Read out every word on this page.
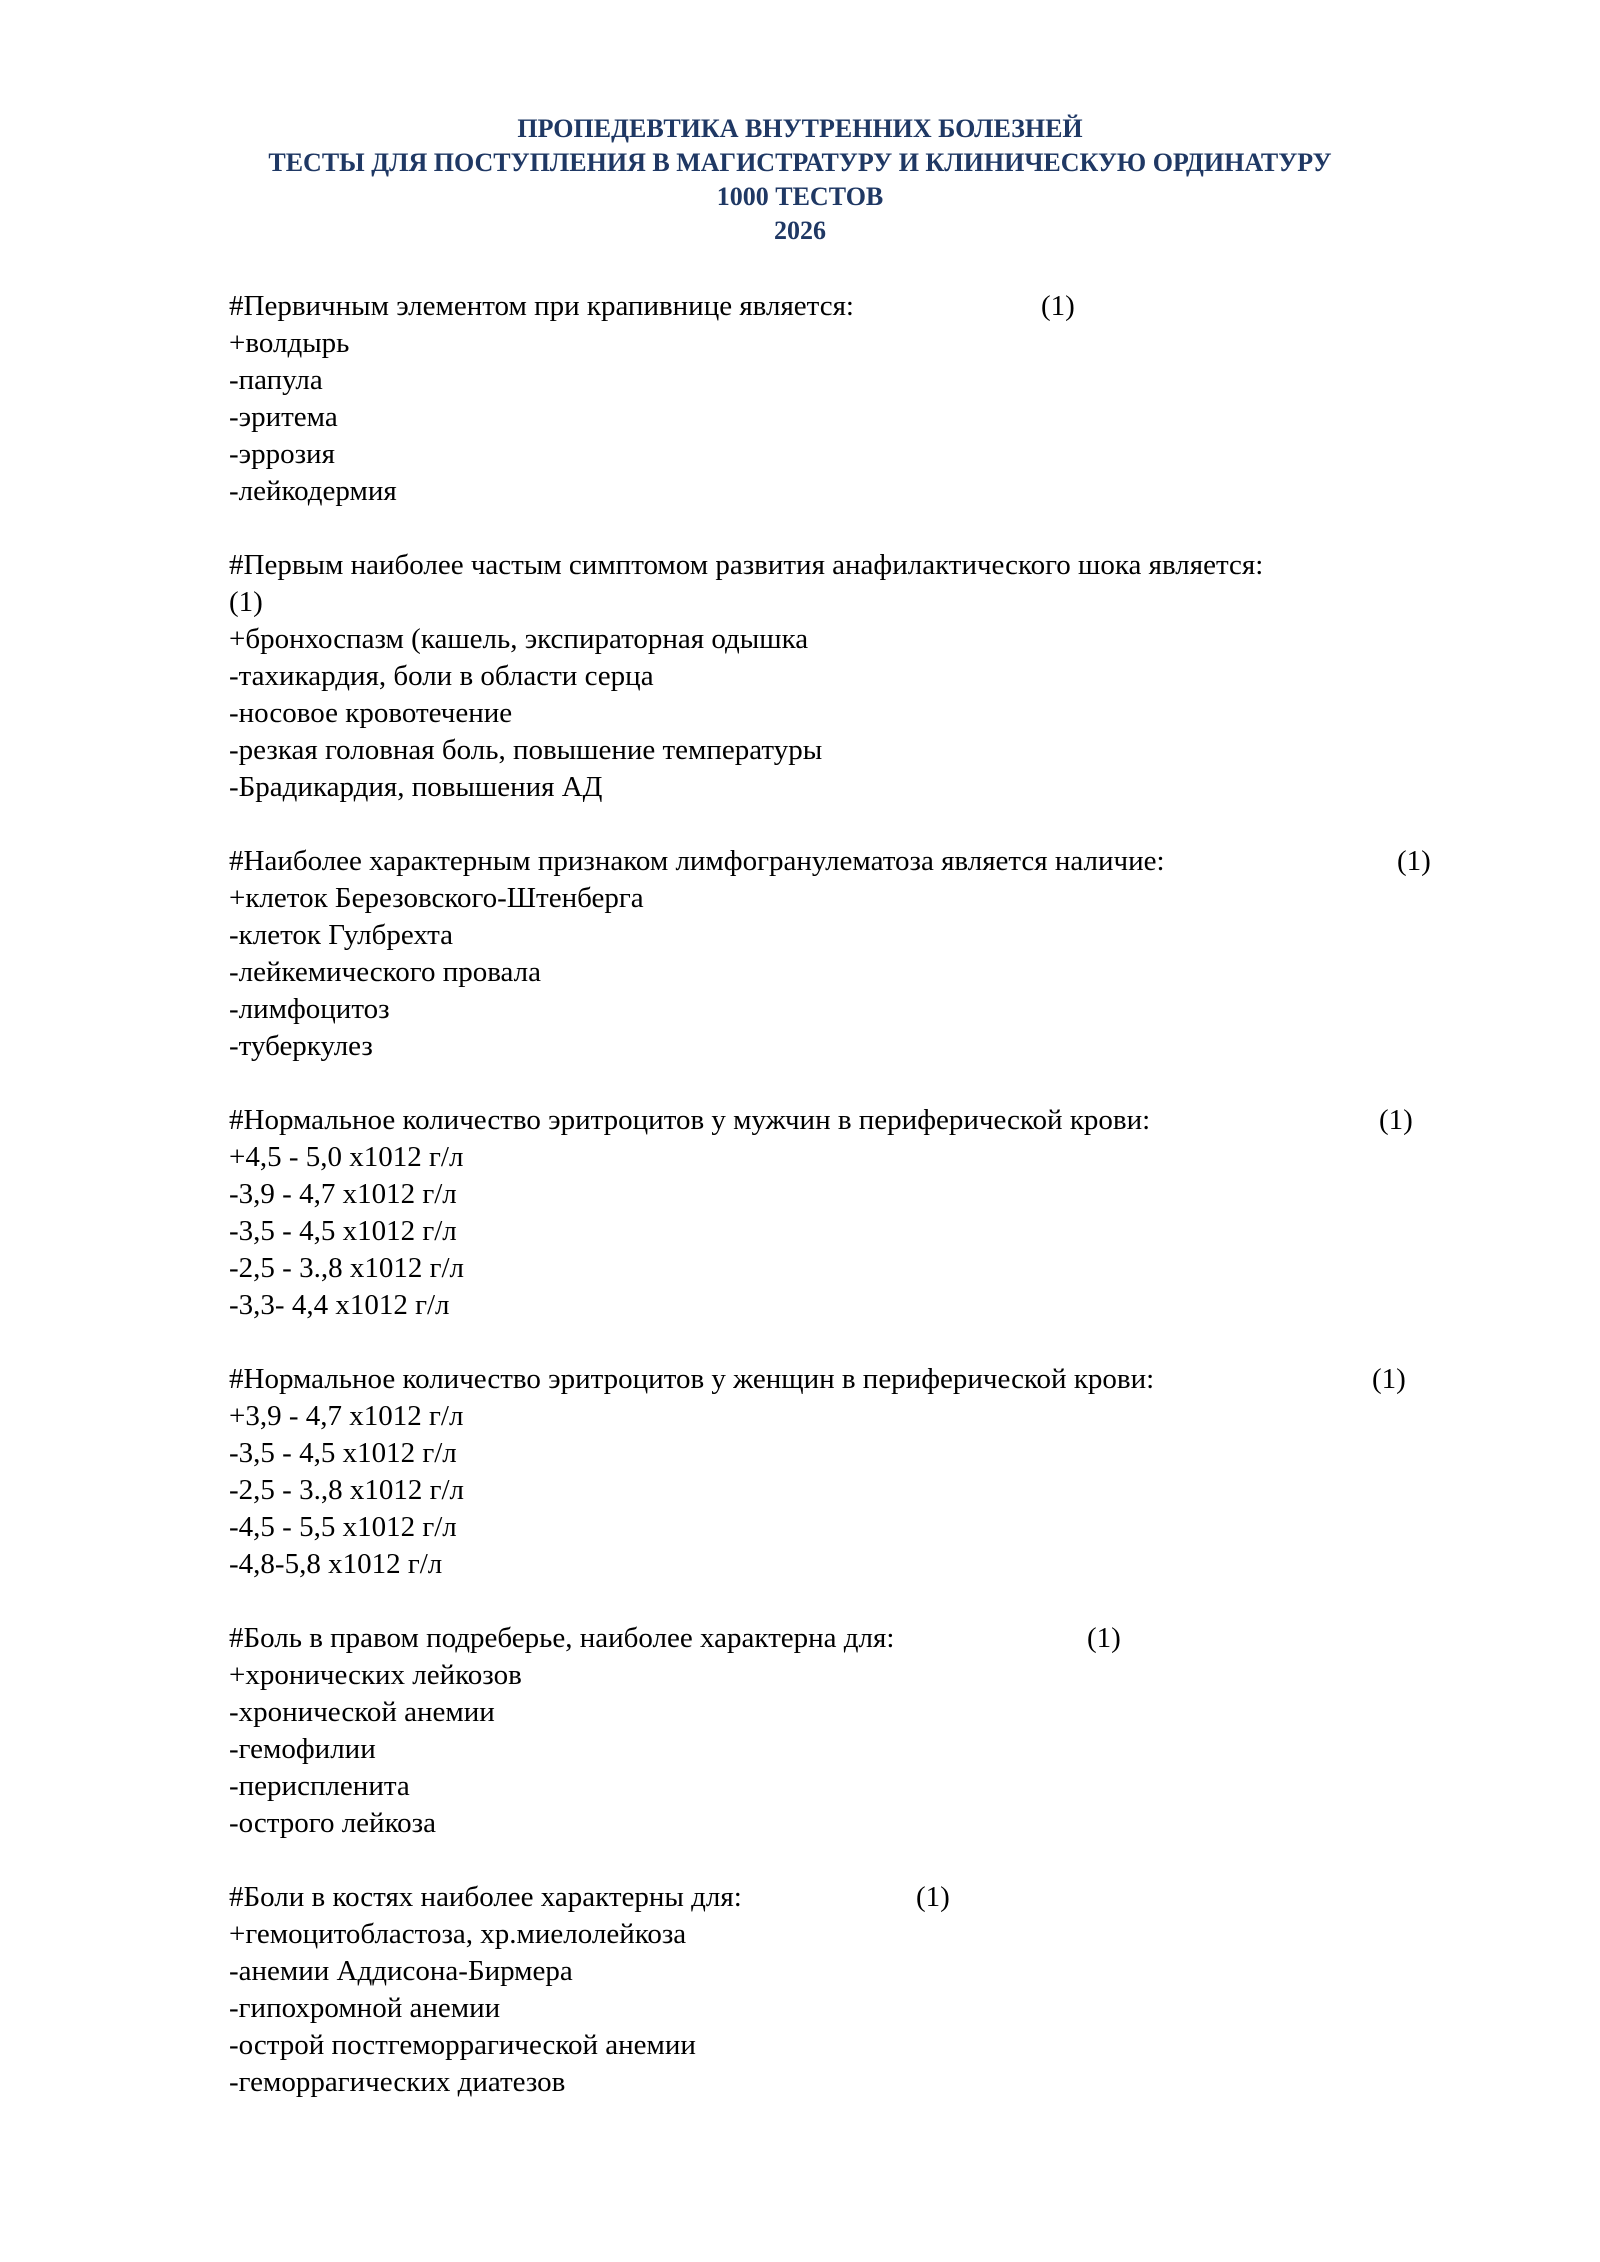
ПРОПЕДЕВТИКА ВНУТРЕННИХ БОЛЕЗНЕЙ
ТЕСТЫ ДЛЯ ПОСТУПЛЕНИЯ В МАГИСТРАТУРУ И КЛИНИЧЕСКУЮ ОРДИНАТУРУ
1000 ТЕСТОВ
2026
#Первичным элементом при крапивнице является:	(1)
+волдырь
-папула
-эритема
-эррозия
-лейкодермия
#Первым наиболее частым симптомом развития анафилактического шока является:
(1)
+бронхоспазм (кашель, экспираторная одышка
-тахикардия, боли в области серца
-носовое кровотечение
-резкая головная боль, повышение температуры
-Брадикардия, повышения АД
#Наиболее характерным признаком лимфогранулематоза является наличие:	(1)
+клеток Березовского-Штенберга
-клеток Гулбрехта
-лейкемического провала
-лимфоцитоз
-туберкулез
#Нормальное количество эритроцитов у мужчин в периферической крови:	(1)
+4,5 - 5,0 х1012 г/л
-3,9 - 4,7 х1012 г/л
-3,5 - 4,5 х1012 г/л
-2,5 - 3.,8 х1012 г/л
-3,3- 4,4 х1012 г/л
#Нормальное количество эритроцитов у женщин в периферической крови:	(1)
+3,9 - 4,7 х1012 г/л
-3,5 - 4,5 х1012 г/л
-2,5 - 3.,8 х1012 г/л
-4,5 - 5,5 х1012 г/л
-4,8-5,8 х1012 г/л
#Боль в правом подреберье, наиболее характерна для:	(1)
+хронических лейкозов
-хронической анемии
-гемофилии
-периспленита
-острого лейкоза
#Боли в костях наиболее характерны для:	(1)
+гемоцитобластоза, хр.миелолейкоза
-анемии Аддисона-Бирмера
-гипохромной анемии
-острой постгеморрагической анемии
-геморрагических диатезов
